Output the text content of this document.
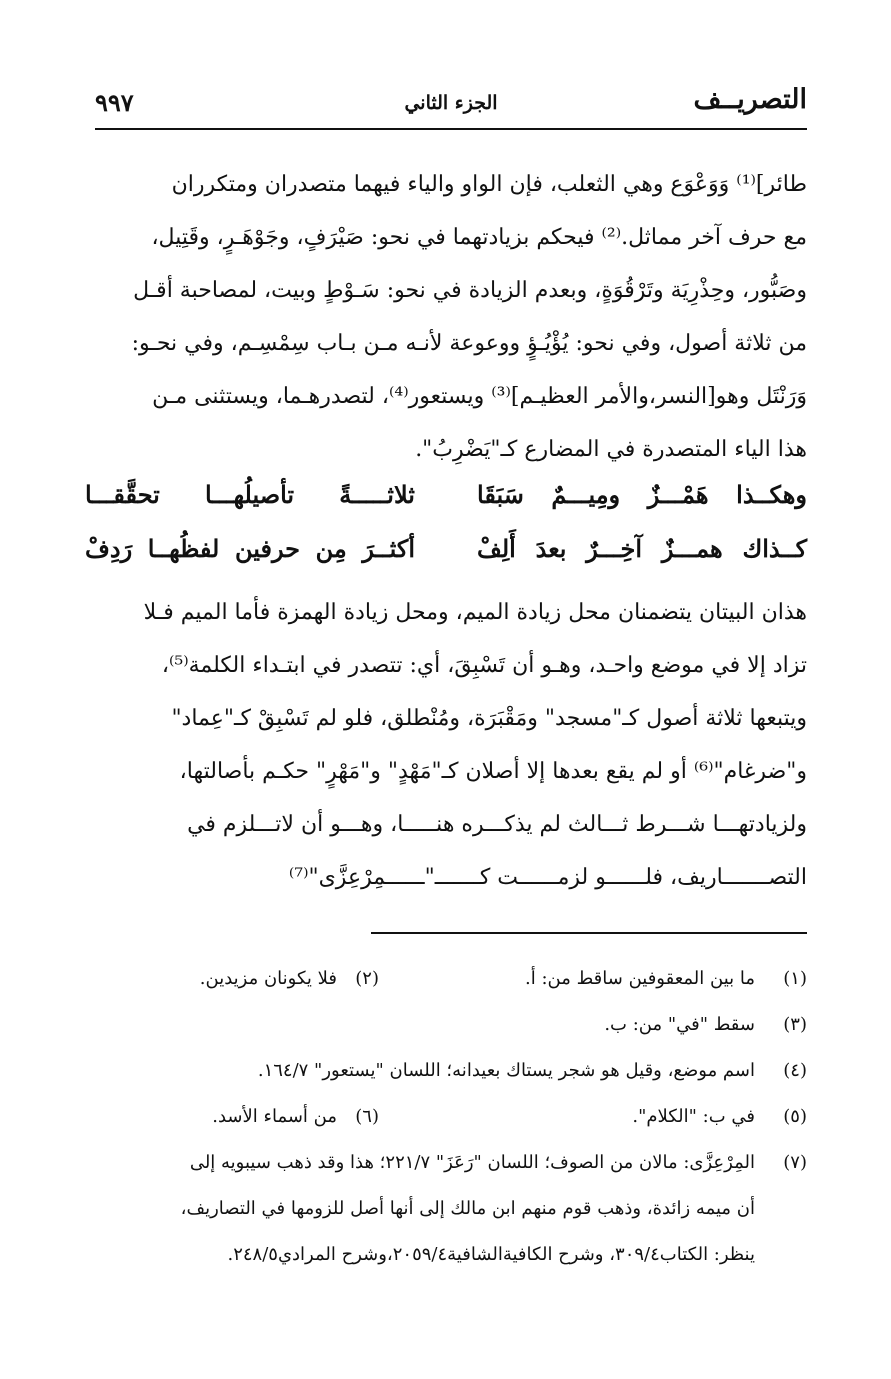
التصريــف
الجزء الثاني
٩٩٧

طائر]⁽¹⁾ وَوَعْوَع وهي الثعلب، فإن الواو والياء فيهما متصدران ومتكرران

مع حرف آخر مماثل.⁽²⁾ فيحكم بزيادتهما في نحو: صَيْرَفٍ، وجَوْهَـرٍ، وقَتِيل،

وصَبُّور، وحِذْرِيَة وتَرْقُوَةٍ، وبعدم الزيادة في نحو: سَـوْطٍ وبيت، لمصاحبة أقـل

من ثلاثة أصول، وفي نحو: يُؤْيُـؤٍ ووعوعة لأنـه مـن بـاب سِمْسِـم، وفي نحـو:

وَرَنْتَل وهو[النسر،والأمر العظيـم]⁽³⁾ ويستعور⁽⁴⁾، لتصدرهـما، ويستثنى مـن

هذا الياء المتصدرة في المضارع كـ"يَضْرِبُ".

وهكــذا هَمْـــزٌ ومِيـــمٌ سَبَقَا
ثلاثـــــةً تأصيلُهـــا تحقَّقـــا
كــذاك همـــزٌ آخِـــرٌ بعدَ أَلِفْ
أكثــرَ مِن حرفين لفظُهــا رَدِفْ

هذان البيتان يتضمنان محل زيادة الميم، ومحل زيادة الهمزة فأما الميم فـلا

تزاد إلا في موضع واحـد، وهـو أن تَسْبِقَ، أي: تتصدر في ابتـداء الكلمة⁽⁵⁾،

ويتبعها ثلاثة أصول كـ"مسجد" ومَقْبَرَة، ومُنْطلق، فلو لم تَسْبِقْ كـ"عِماد"

و"ضرغام"⁽⁶⁾ أو لم يقع بعدها إلا أصلان كـ"مَهْدٍ" و"مَهْرٍ" حكـم بأصالتها،

ولزيادتهـــا شـــرط ثـــالث لم يذكـــره هنـــــا، وهـــو أن لاتـــلزم في

التصـــــــاريف، فلــــــو لزمــــــت كـــــــ"ــــــمِرْعِزَّى"⁽⁷⁾

(١)
ما بين المعقوفين ساقط من: أ.
(٢)
فلا يكونان مزيدين.
(٣)
سقط "في" من: ب.
(٤)
اسم موضع، وقيل هو شجر يستاك بعيدانه؛ اللسان "يستعور" ١٦٤/٧.
(٥)
في ب: "الكلام".
(٦)
من أسماء الأسد.
(٧)
المِرْعِزَّى: مالان من الصوف؛ اللسان "رَعَزَ" ٢٢١/٧؛ هذا وقد ذهب سيبويه إلى
أن ميمه زائدة، وذهب قوم منهم ابن مالك إلى أنها أصل للزومها في التصاريف،
ينظر: الكتاب٣٠٩/٤، وشرح الكافيةالشافية٢٠٥٩/٤،وشرح المرادي٢٤٨/٥.
